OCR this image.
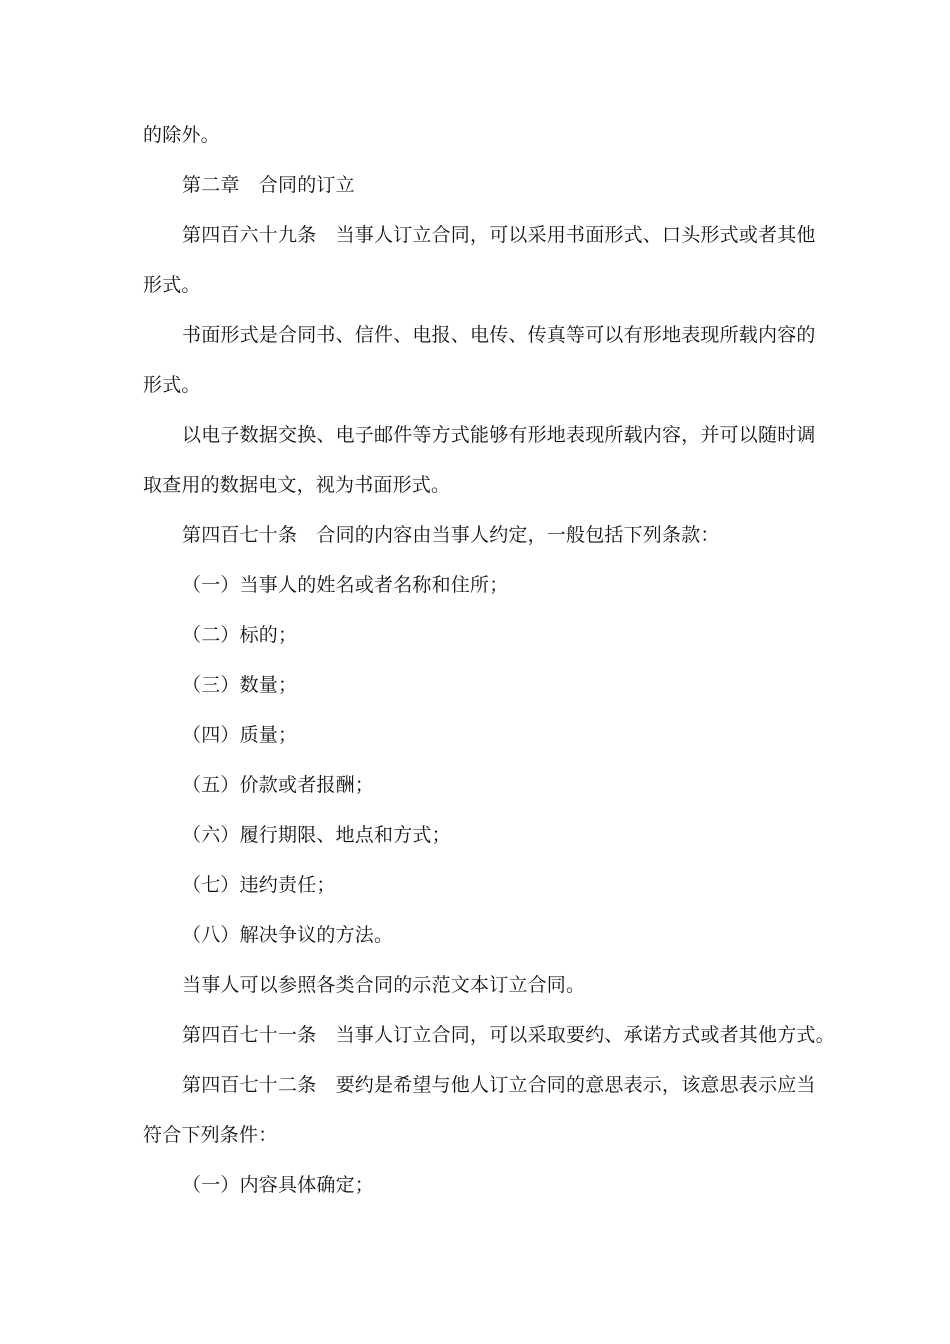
的除外。
第二章　合同的订立
第四百六十九条　当事人订立合同，可以采用书面形式、口头形式或者其他
形式。
书面形式是合同书、信件、电报、电传、传真等可以有形地表现所载内容的
形式。
以电子数据交换、电子邮件等方式能够有形地表现所载内容，并可以随时调
取查用的数据电文，视为书面形式。
第四百七十条　合同的内容由当事人约定，一般包括下列条款：
（一）当事人的姓名或者名称和住所；
（二）标的；
（三）数量；
（四）质量；
（五）价款或者报酬；
（六）履行期限、地点和方式；
（七）违约责任；
（八）解决争议的方法。
当事人可以参照各类合同的示范文本订立合同。
第四百七十一条　当事人订立合同，可以采取要约、承诺方式或者其他方式。
第四百七十二条　要约是希望与他人订立合同的意思表示，该意思表示应当
符合下列条件：
（一）内容具体确定；
